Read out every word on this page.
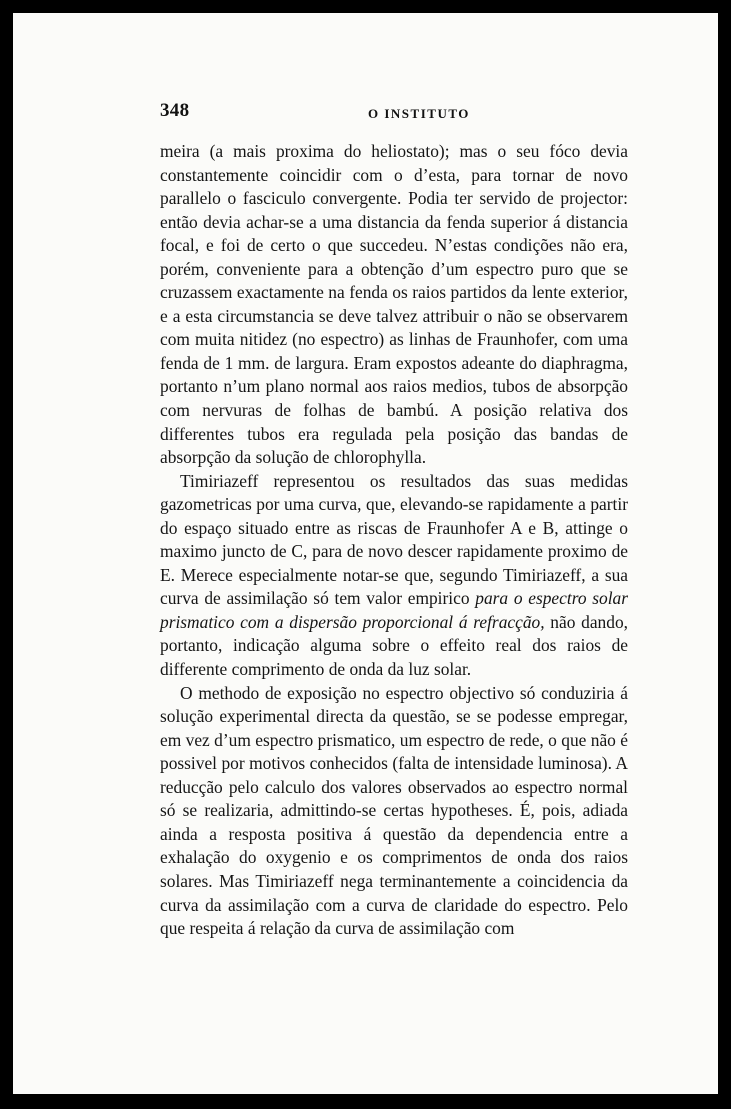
348	O INSTITUTO

meira (a mais proxima do heliostato); mas o seu fóco devia constantemente coincidir com o d’esta, para tornar de novo parallelo o fasciculo convergente. Podia ter servido de projector: então devia achar-se a uma distancia da fenda superior á distancia focal, e foi de certo o que succedeu. N’estas condições não era, porém, conveniente para a obtenção d’um espectro puro que se cruzassem exactamente na fenda os raios partidos da lente exterior, e a esta circumstancia se deve talvez attribuir o não se observarem com muita nitidez (no espectro) as linhas de Fraunhofer, com uma fenda de 1 mm. de largura. Eram expostos adeante do diaphragma, portanto n’um plano normal aos raios medios, tubos de absorpção com nervuras de folhas de bambú. A posição relativa dos differentes tubos era regulada pela posição das bandas de absorpção da solução de chlorophylla.

Timiriazeff representou os resultados das suas medidas gazometricas por uma curva, que, elevando-se rapidamente a partir do espaço situado entre as riscas de Fraunhofer A e B, attinge o maximo juncto de C, para de novo descer rapidamente proximo de E. Merece especialmente notar-se que, segundo Timiriazeff, a sua curva de assimilação só tem valor empirico para o espectro solar prismatico com a dispersão proporcional á refracção, não dando, portanto, indicação alguma sobre o effeito real dos raios de differente comprimento de onda da luz solar.

O methodo de exposição no espectro objectivo só conduziria á solução experimental directa da questão, se se podesse empregar, em vez d’um espectro prismatico, um espectro de rede, o que não é possivel por motivos conhecidos (falta de intensidade luminosa). A reducção pelo calculo dos valores observados ao espectro normal só se realizaria, admittindo-se certas hypotheses. É, pois, adiada ainda a resposta positiva á questão da dependencia entre a exhalação do oxygenio e os comprimentos de onda dos raios solares. Mas Timiriazeff nega terminantemente a coincidencia da curva da assimilação com a curva de claridade do espectro. Pelo que respeita á relação da curva de assimilação com
